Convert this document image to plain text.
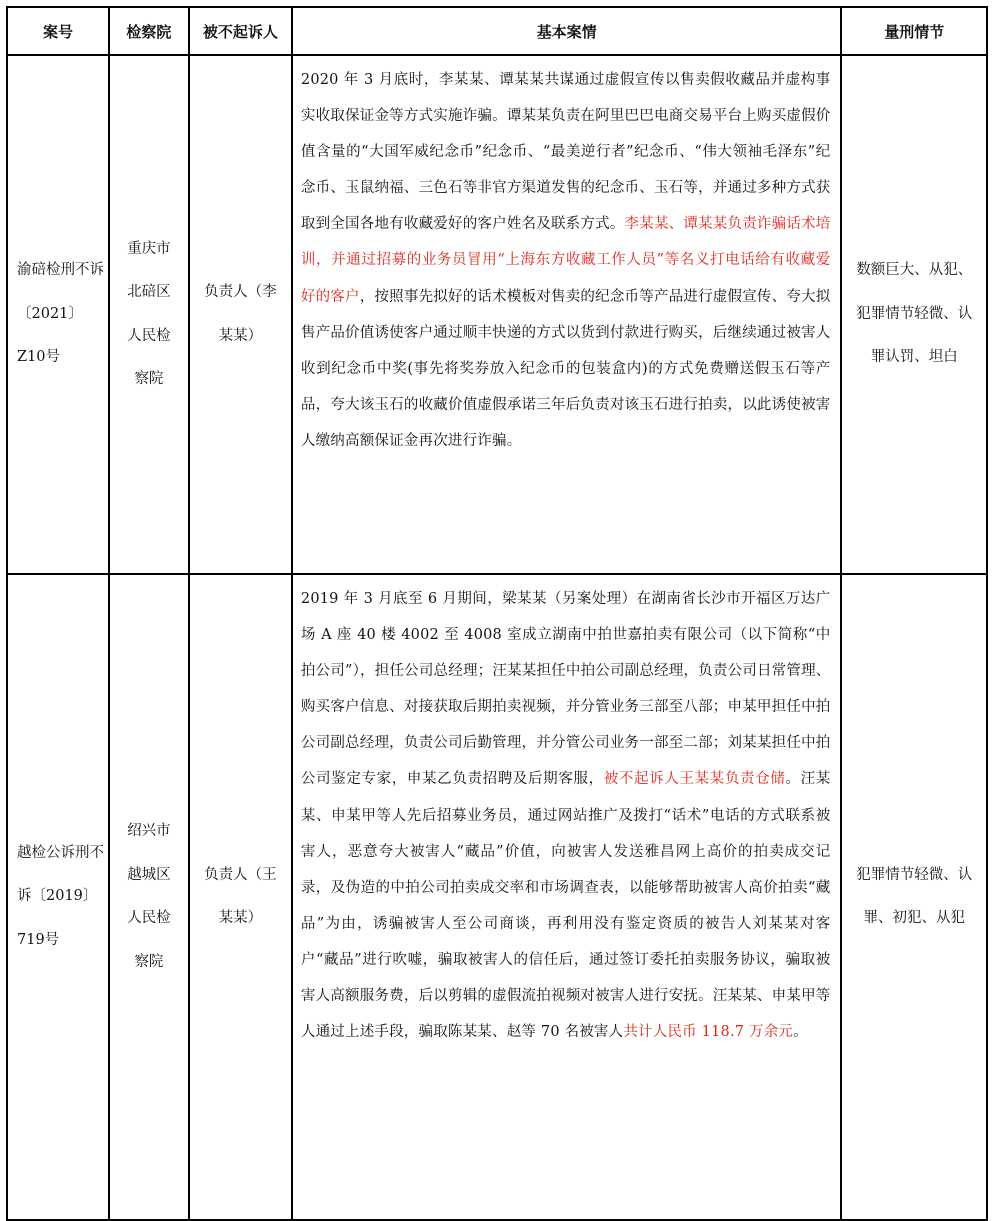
案号	检察院	被不起诉人	基本案情	量刑情节
渝碚检刑不诉〔2021〕Z10号	重庆市北碚区人民检察院	负责人（李某某）	2020 年 3 月底时，李某某、谭某某共谋通过虚假宣传以售卖假收藏品并虚构事实收取保证金等方式实施诈骗。谭某某负责在阿里巴巴电商交易平台上购买虚假价值含量的“大国军威纪念币”纪念币、“最美逆行者”纪念币、“伟大领袖毛泽东”纪念币、玉鼠纳福、三色石等非官方渠道发售的纪念币、玉石等，并通过多种方式获取到全国各地有收藏爱好的客户姓名及联系方式。李某某、谭某某负责诈骗话术培训，并通过招募的业务员冒用“上海东方收藏工作人员”等名义打电话给有收藏爱好的客户，按照事先拟好的话术模板对售卖的纪念币等产品进行虚假宣传、夸大拟售产品价值诱使客户通过顺丰快递的方式以货到付款进行购买，后继续通过被害人收到纪念币中奖(事先将奖券放入纪念币的包装盒内)的方式免费赠送假玉石等产品，夸大该玉石的收藏价值虚假承诺三年后负责对该玉石进行拍卖，以此诱使被害人缴纳高额保证金再次进行诈骗。	数额巨大、从犯、犯罪情节轻微、认罪认罚、坦白
越检公诉刑不诉〔2019〕719号	绍兴市越城区人民检察院	负责人（王某某）	2019 年 3 月底至 6 月期间，梁某某（另案处理）在湖南省长沙市开福区万达广场 A 座 40 楼 4002 至 4008 室成立湖南中拍世嘉拍卖有限公司（以下简称“中拍公司”），担任公司总经理；汪某某担任中拍公司副总经理，负责公司日常管理、购买客户信息、对接获取后期拍卖视频，并分管业务三部至八部；申某甲担任中拍公司副总经理，负责公司后勤管理，并分管公司业务一部至二部；刘某某担任中拍公司鉴定专家，申某乙负责招聘及后期客服，被不起诉人王某某负责仓储。汪某某、申某甲等人先后招募业务员，通过网站推广及拨打“话术”电话的方式联系被害人，恶意夸大被害人“藏品”价值，向被害人发送雅昌网上高价的拍卖成交记录，及伪造的中拍公司拍卖成交率和市场调查表，以能够帮助被害人高价拍卖“藏品”为由，诱骗被害人至公司商谈，再利用没有鉴定资质的被告人刘某某对客户“藏品”进行吹嘘，骗取被害人的信任后，通过签订委托拍卖服务协议，骗取被害人高额服务费，后以剪辑的虚假流拍视频对被害人进行安抚。汪某某、申某甲等人通过上述手段，骗取陈某某、赵等 70 名被害人共计人民币 118.7 万余元。	犯罪情节轻微、认罪、初犯、从犯
